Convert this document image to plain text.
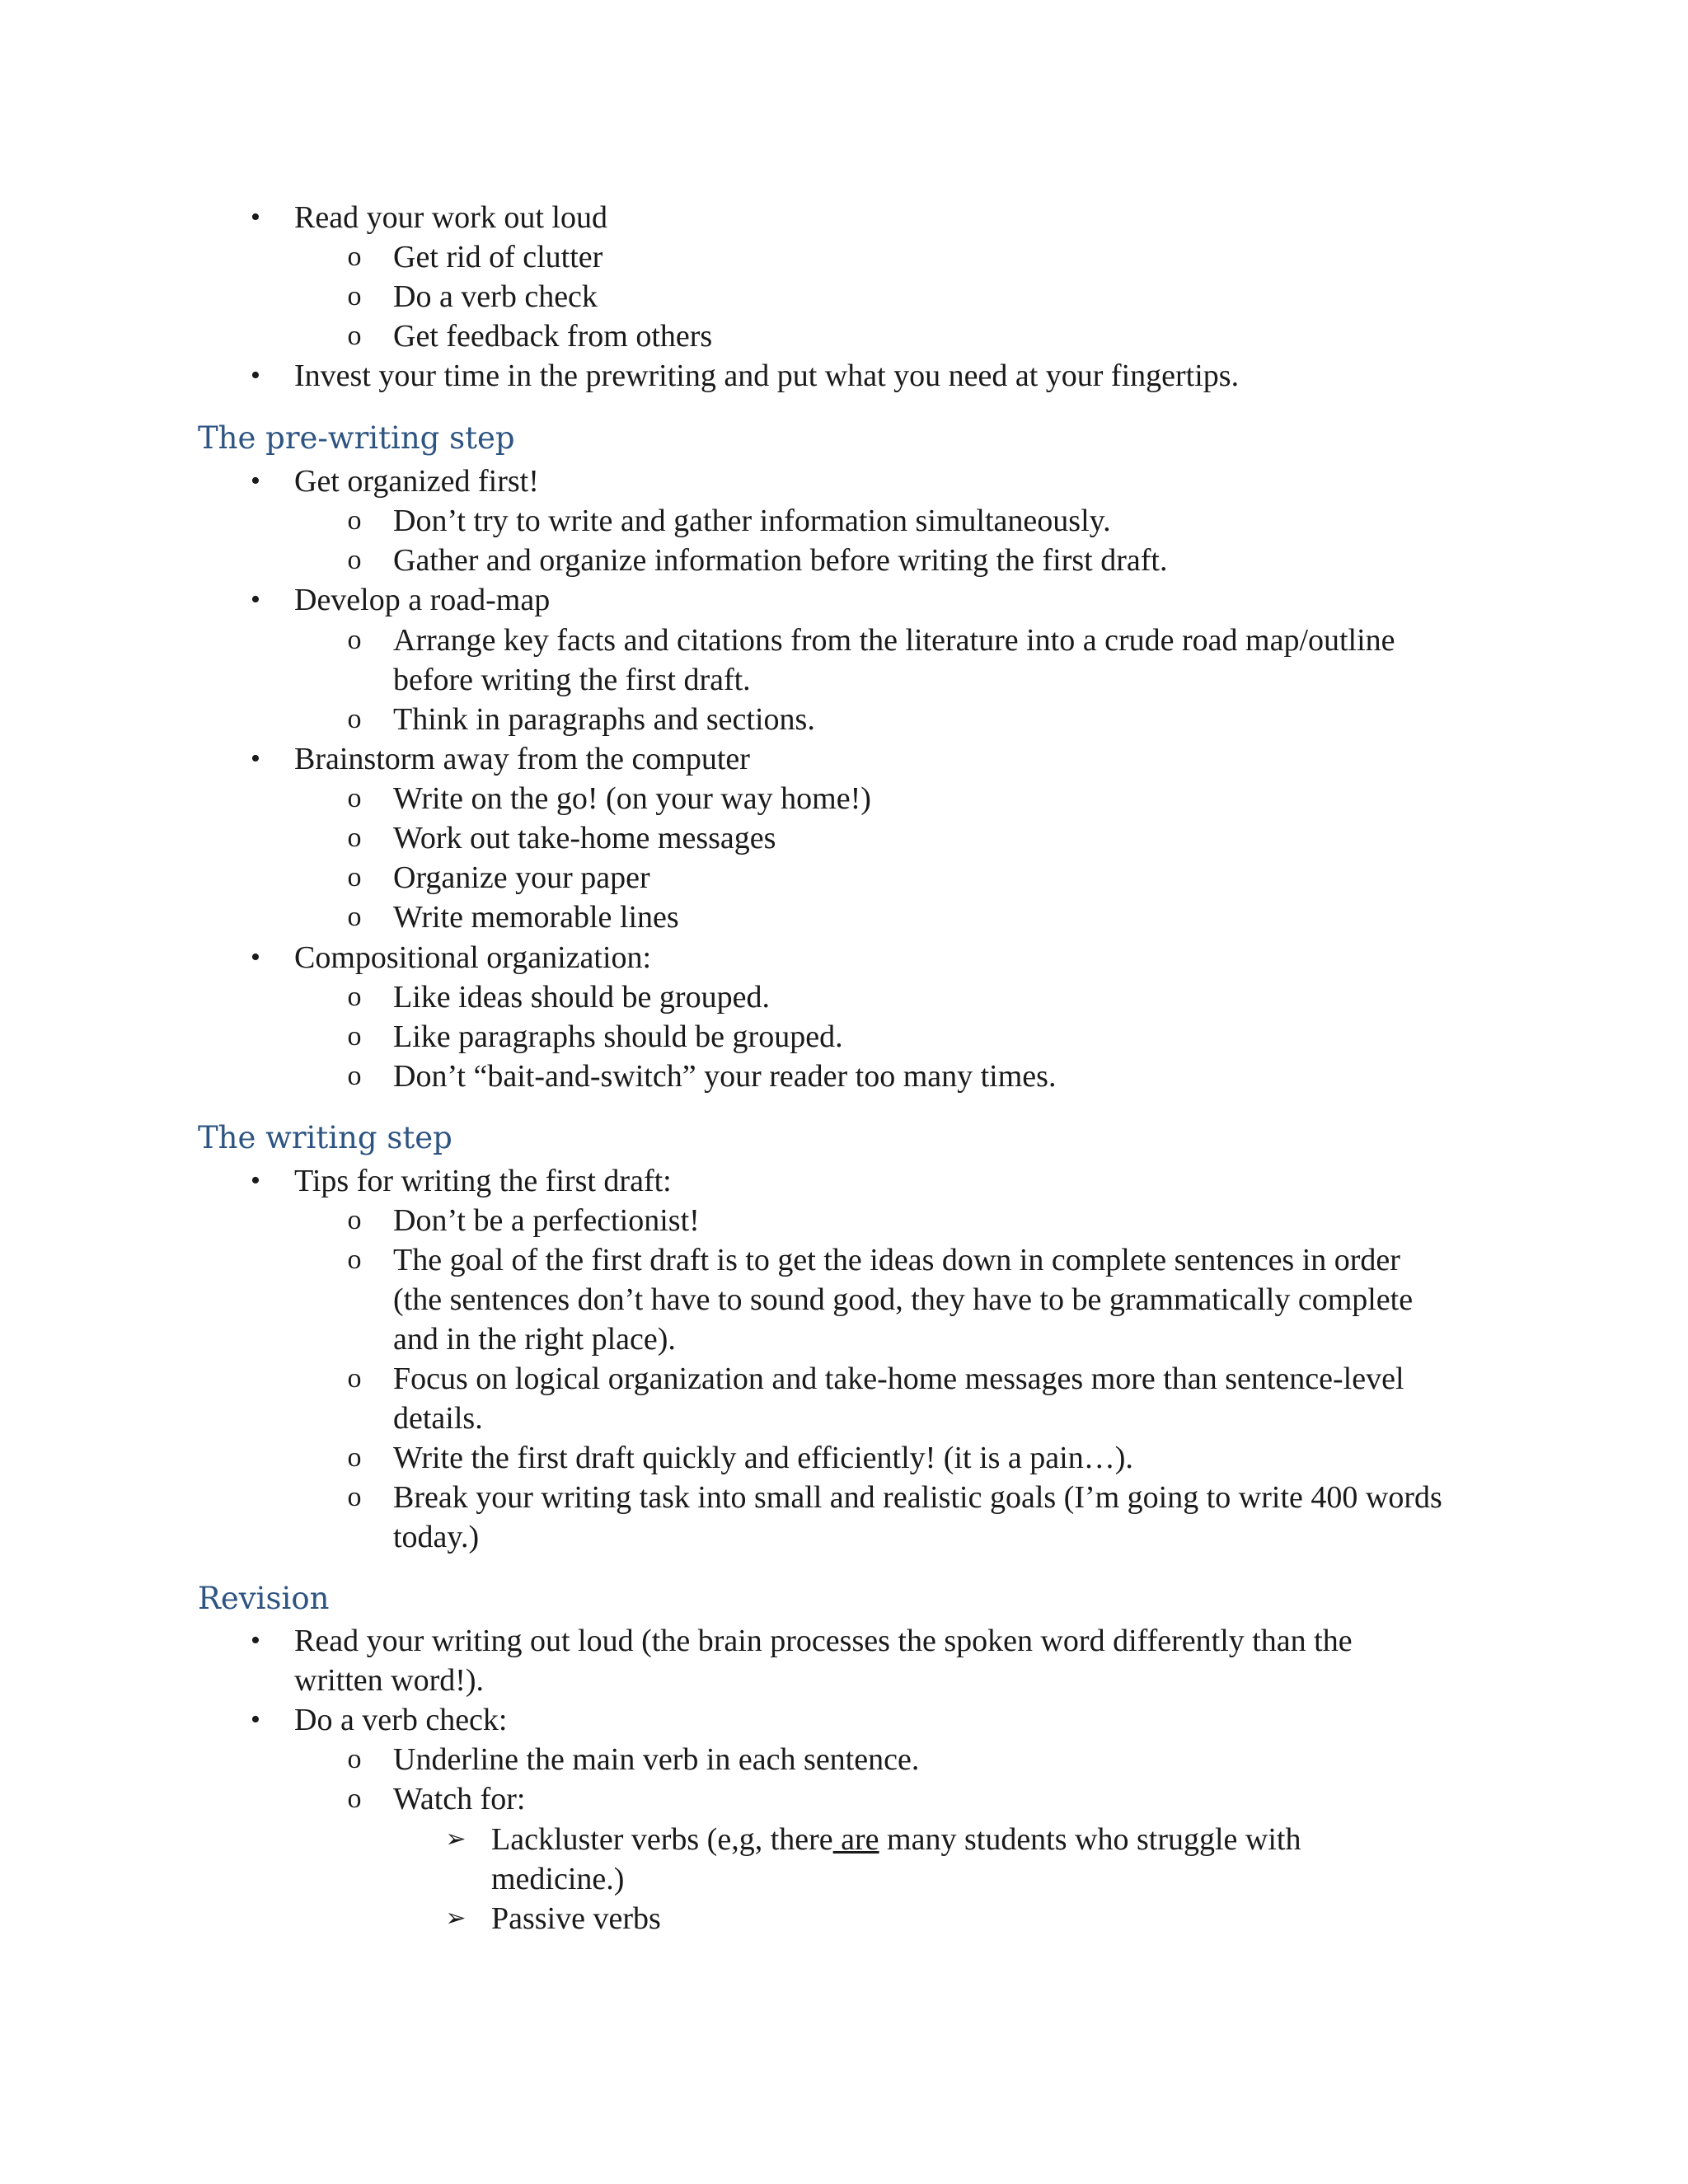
• Read your work out loud
o Get rid of clutter
o Do a verb check
o Get feedback from others
• Invest your time in the prewriting and put what you need at your fingertips.
The pre-writing step
• Get organized first!
o Don’t try to write and gather information simultaneously.
o Gather and organize information before writing the first draft.
• Develop a road-map
o Arrange key facts and citations from the literature into a crude road map/outline
before writing the first draft.
o Think in paragraphs and sections.
• Brainstorm away from the computer
o Write on the go! (on your way home!)
o Work out take-home messages
o Organize your paper
o Write memorable lines
• Compositional organization:
o Like ideas should be grouped.
o Like paragraphs should be grouped.
o Don’t “bait-and-switch” your reader too many times.
The writing step
• Tips for writing the first draft:
o Don’t be a perfectionist!
o The goal of the first draft is to get the ideas down in complete sentences in order
(the sentences don’t have to sound good, they have to be grammatically complete
and in the right place).
o Focus on logical organization and take-home messages more than sentence-level
details.
o Write the first draft quickly and efficiently! (it is a pain…).
o Break your writing task into small and realistic goals (I’m going to write 400 words
today.)
Revision
• Read your writing out loud (the brain processes the spoken word differently than the
written word!).
• Do a verb check:
o Underline the main verb in each sentence.
o Watch for:
➢ Lackluster verbs (e,g, there are many students who struggle with
medicine.)
➢ Passive verbs
